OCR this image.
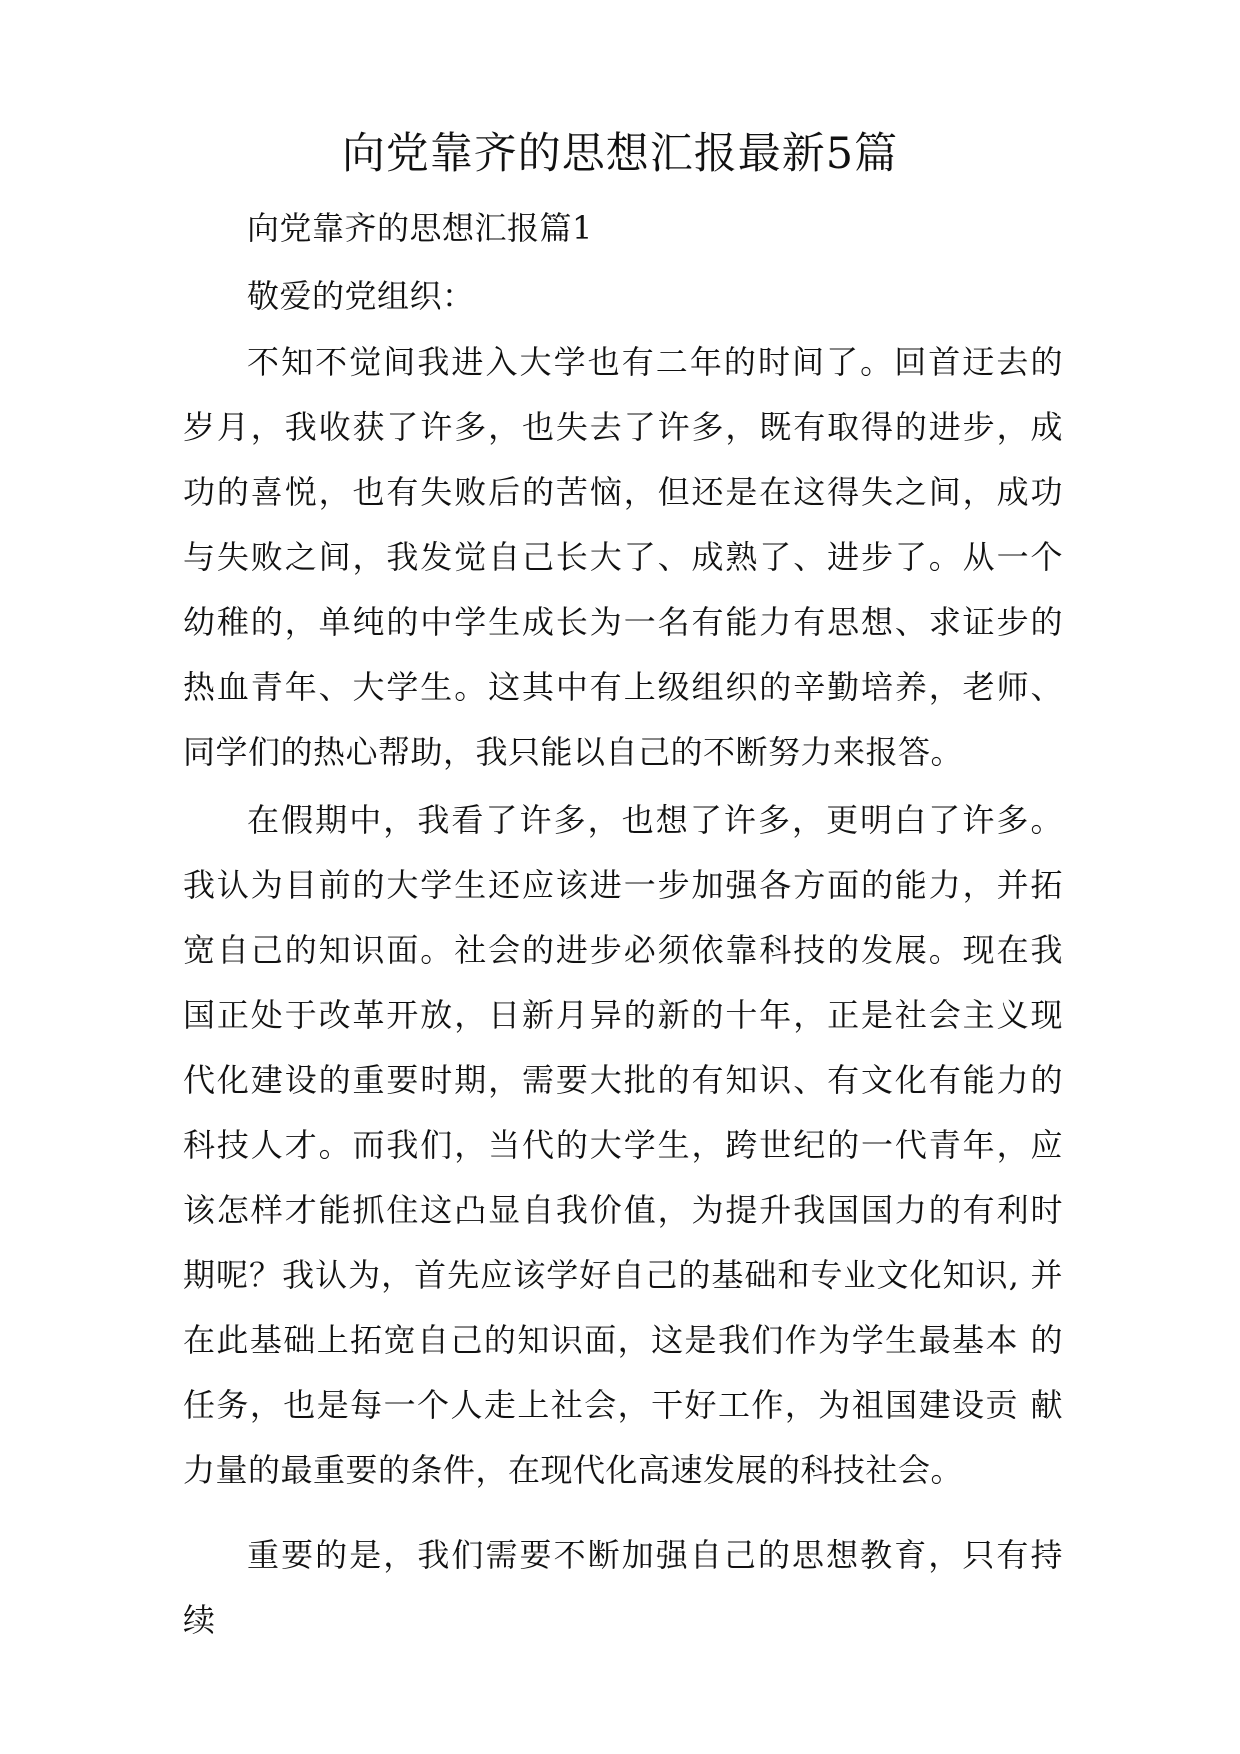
向党靠齐的思想汇报最新5篇

向党靠齐的思想汇报篇1

敬爱的党组织：

不知不觉间我进入大学也有二年的时间了。回首迂去的 岁月，我收获了许多，也失去了许多，既有取得的进步，成 功的喜悦，也有失败后的苦恼，但还是在这得失之间，成功 与失败之间，我发觉自己长大了、成熟了、进步了。从一个 幼稚的，单纯的中学生成长为一名有能力有思想、求证步的 热血青年、大学生。这其中有上级组织的辛勤培养，老师、 同学们的热心帮助，我只能以自己的不断努力来报答。

在假期中，我看了许多，也想了许多，更明白了许多。 我认为目前的大学生还应该进一步加强各方面的能力，并拓 宽自己的知识面。社会的进步必须依靠科技的发展。现在我 国正处于改革开放，日新月异的新的十年，正是社会主义现 代化建设的重要时期，需要大批的有知识、有文化有能力的 科技人才。而我们，当代的大学生，跨世纪的一代青年，应 该怎样才能抓住这凸显自我价值，为提升我国国力的有利时 期呢？我认为，首先应该学好自己的基础和专业文化知识, 并在此基础上拓宽自己的知识面，这是我们作为学生最基本 的任务，也是每一个人走上社会，干好工作，为祖国建设贡 献力量的最重要的条件，在现代化高速发展的科技社会。

重要的是，我们需要不断加强自己的思想教育，只有持 续
